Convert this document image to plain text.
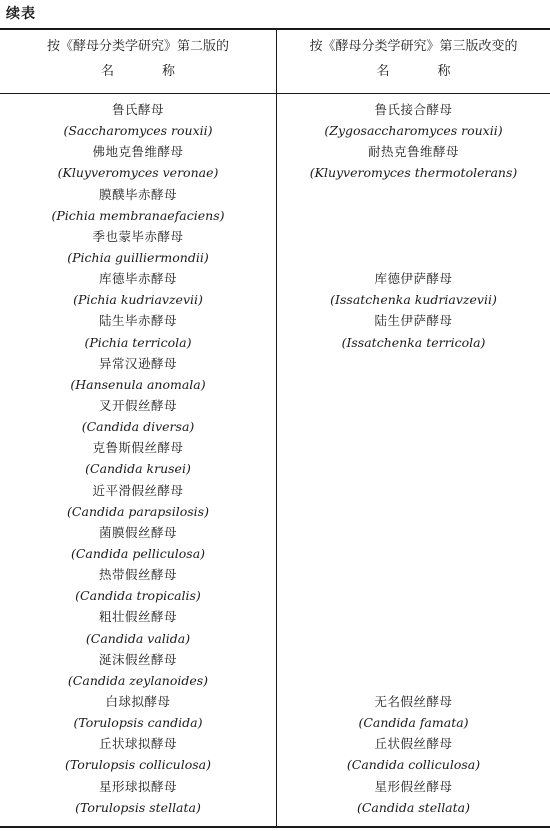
续表
按《酵母分类学研究》第二版的
名称
按《酵母分类学研究》第三版改变的
名称
鲁氏酵母
(Saccharomyces rouxii)
佛地克鲁维酵母
(Kluyveromyces veronae)
膜醭毕赤酵母
(Pichia membranaefaciens)
季也蒙毕赤酵母
(Pichia guilliermondii)
库德毕赤酵母
(Pichia kudriavzevii)
陆生毕赤酵母
(Pichia terricola)
异常汉逊酵母
(Hansenula anomala)
叉开假丝酵母
(Candida diversa)
克鲁斯假丝酵母
(Candida krusei)
近平滑假丝酵母
(Candida parapsilosis)
菌膜假丝酵母
(Candida pelliculosa)
热带假丝酵母
(Candida tropicalis)
粗壮假丝酵母
(Candida valida)
涎沫假丝酵母
(Candida zeylanoides)
白球拟酵母
(Torulopsis candida)
丘状球拟酵母
(Torulopsis colliculosa)
星形球拟酵母
(Torulopsis stellata)
鲁氏接合酵母
(Zygosaccharomyces rouxii)
耐热克鲁维酵母
(Kluyveromyces thermotolerans)
库德伊萨酵母
(Issatchenka kudriavzevii)
陆生伊萨酵母
(Issatchenka terricola)
无名假丝酵母
(Candida famata)
丘状假丝酵母
(Candida colliculosa)
星形假丝酵母
(Candida stellata)
